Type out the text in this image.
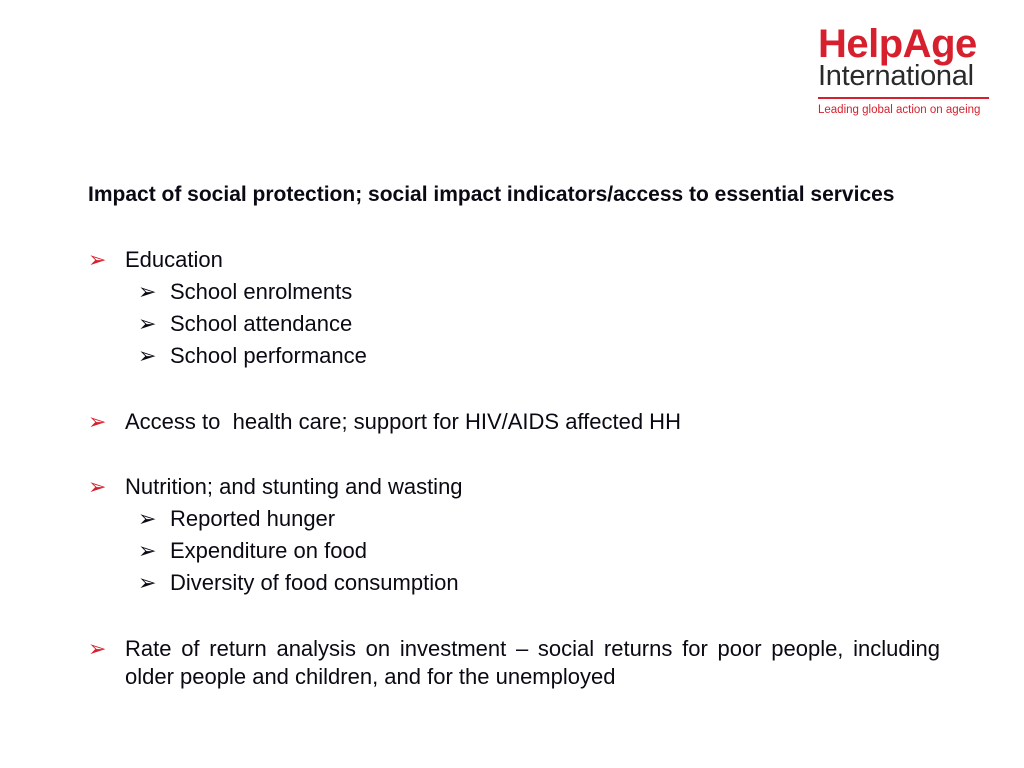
HelpAge
International
Leading global action on ageing
Impact of social protection; social impact indicators/access to essential services
➢ Education
➢ School enrolments
➢ School attendance
➢ School performance
➢ Access to  health care; support for HIV/AIDS affected HH
➢ Nutrition; and stunting and wasting
➢ Reported hunger
➢ Expenditure on food
➢ Diversity of food consumption
➢ Rate of return analysis on investment – social returns for poor people, including older people and children, and for the unemployed
